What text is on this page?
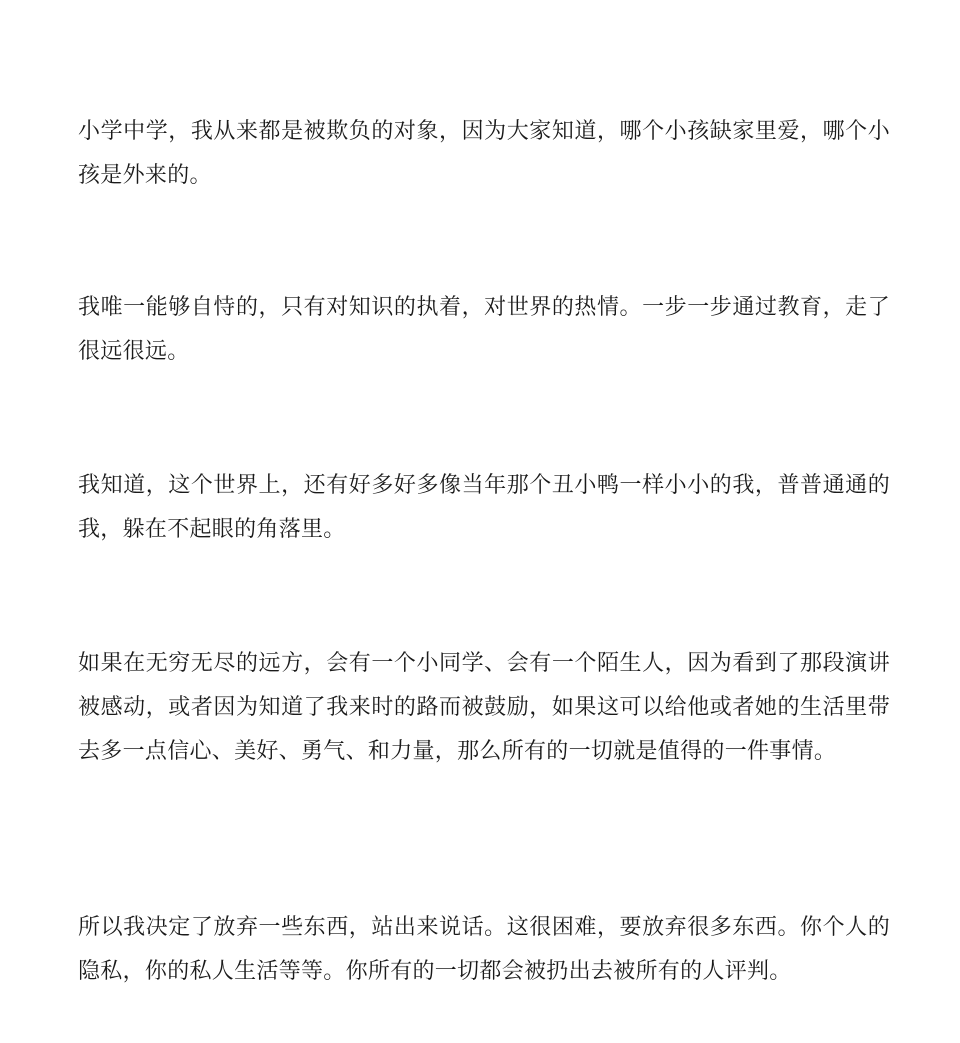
小学中学，我从来都是被欺负的对象，因为大家知道，哪个小孩缺家里爱，哪个小孩是外来的。

我唯一能够自恃的，只有对知识的执着，对世界的热情。一步一步通过教育，走了很远很远。

我知道，这个世界上，还有好多好多像当年那个丑小鸭一样小小的我，普普通通的我，躲在不起眼的角落里。

如果在无穷无尽的远方，会有一个小同学、会有一个陌生人，因为看到了那段演讲被感动，或者因为知道了我来时的路而被鼓励，如果这可以给他或者她的生活里带去多一点信心、美好、勇气、和力量，那么所有的一切就是值得的一件事情。

所以我决定了放弃一些东西，站出来说话。这很困难，要放弃很多东西。你个人的隐私，你的私人生活等等。你所有的一切都会被扔出去被所有的人评判。
